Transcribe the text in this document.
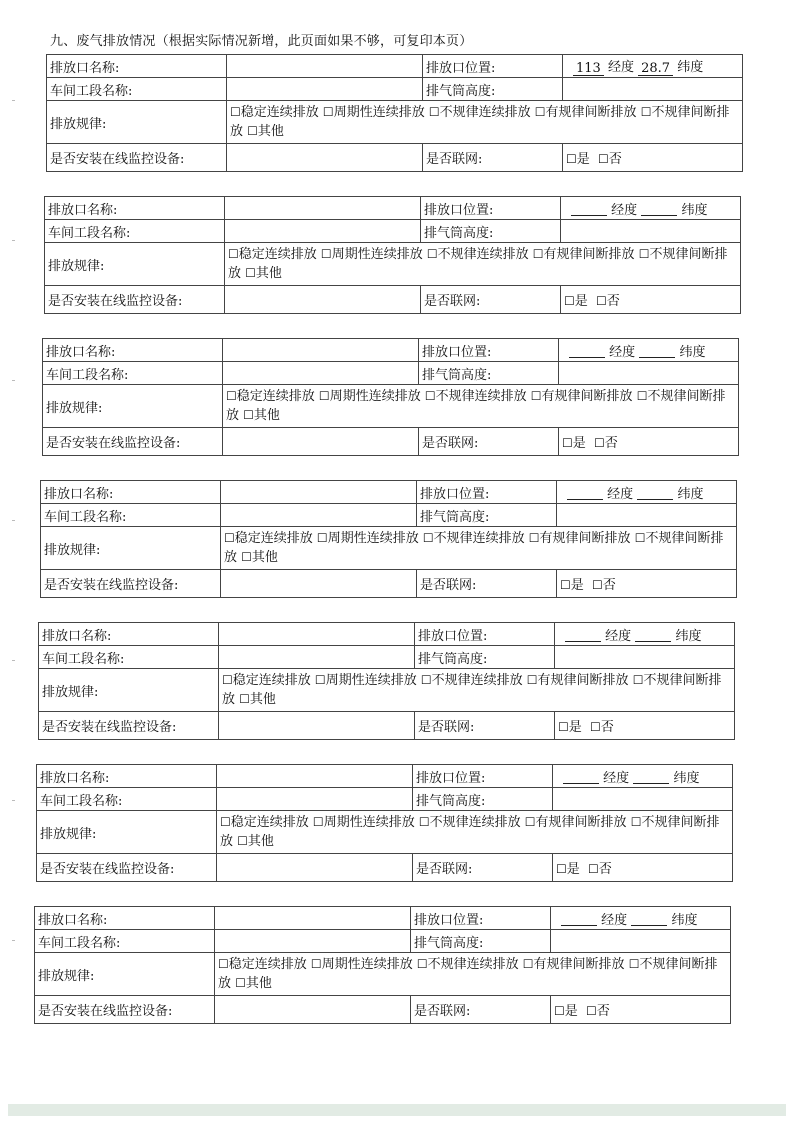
九、废气排放情况（根据实际情况新增，此页面如果不够，可复印本页）
排放口名称:		排放口位置:	113 经度 28.7 纬度
车间工段名称:		排气筒高度:	
排放规律:	☐稳定连续排放 ☐周期性连续排放 ☐不规律连续排放 ☐有规律间断排放 ☐不规律间断排放 ☐其他		
是否安装在线监控设备:		是否联网:	☐是 ☐否
排放口名称:		排放口位置:	经度 纬度
车间工段名称:		排气筒高度:	
排放规律:	☐稳定连续排放 ☐周期性连续排放 ☐不规律连续排放 ☐有规律间断排放 ☐不规律间断排放 ☐其他		
是否安装在线监控设备:		是否联网:	☐是 ☐否
排放口名称:		排放口位置:	经度 纬度
车间工段名称:		排气筒高度:	
排放规律:	☐稳定连续排放 ☐周期性连续排放 ☐不规律连续排放 ☐有规律间断排放 ☐不规律间断排放 ☐其他		
是否安装在线监控设备:		是否联网:	☐是 ☐否
排放口名称:		排放口位置:	经度 纬度
车间工段名称:		排气筒高度:	
排放规律:	☐稳定连续排放 ☐周期性连续排放 ☐不规律连续排放 ☐有规律间断排放 ☐不规律间断排放 ☐其他		
是否安装在线监控设备:		是否联网:	☐是 ☐否
排放口名称:		排放口位置:	经度 纬度
车间工段名称:		排气筒高度:	
排放规律:	☐稳定连续排放 ☐周期性连续排放 ☐不规律连续排放 ☐有规律间断排放 ☐不规律间断排放 ☐其他		
是否安装在线监控设备:		是否联网:	☐是 ☐否
排放口名称:		排放口位置:	经度 纬度
车间工段名称:		排气筒高度:	
排放规律:	☐稳定连续排放 ☐周期性连续排放 ☐不规律连续排放 ☐有规律间断排放 ☐不规律间断排放 ☐其他		
是否安装在线监控设备:		是否联网:	☐是 ☐否
排放口名称:		排放口位置:	经度 纬度
车间工段名称:		排气筒高度:	
排放规律:	☐稳定连续排放 ☐周期性连续排放 ☐不规律连续排放 ☐有规律间断排放 ☐不规律间断排放 ☐其他		
是否安装在线监控设备:		是否联网:	☐是 ☐否
